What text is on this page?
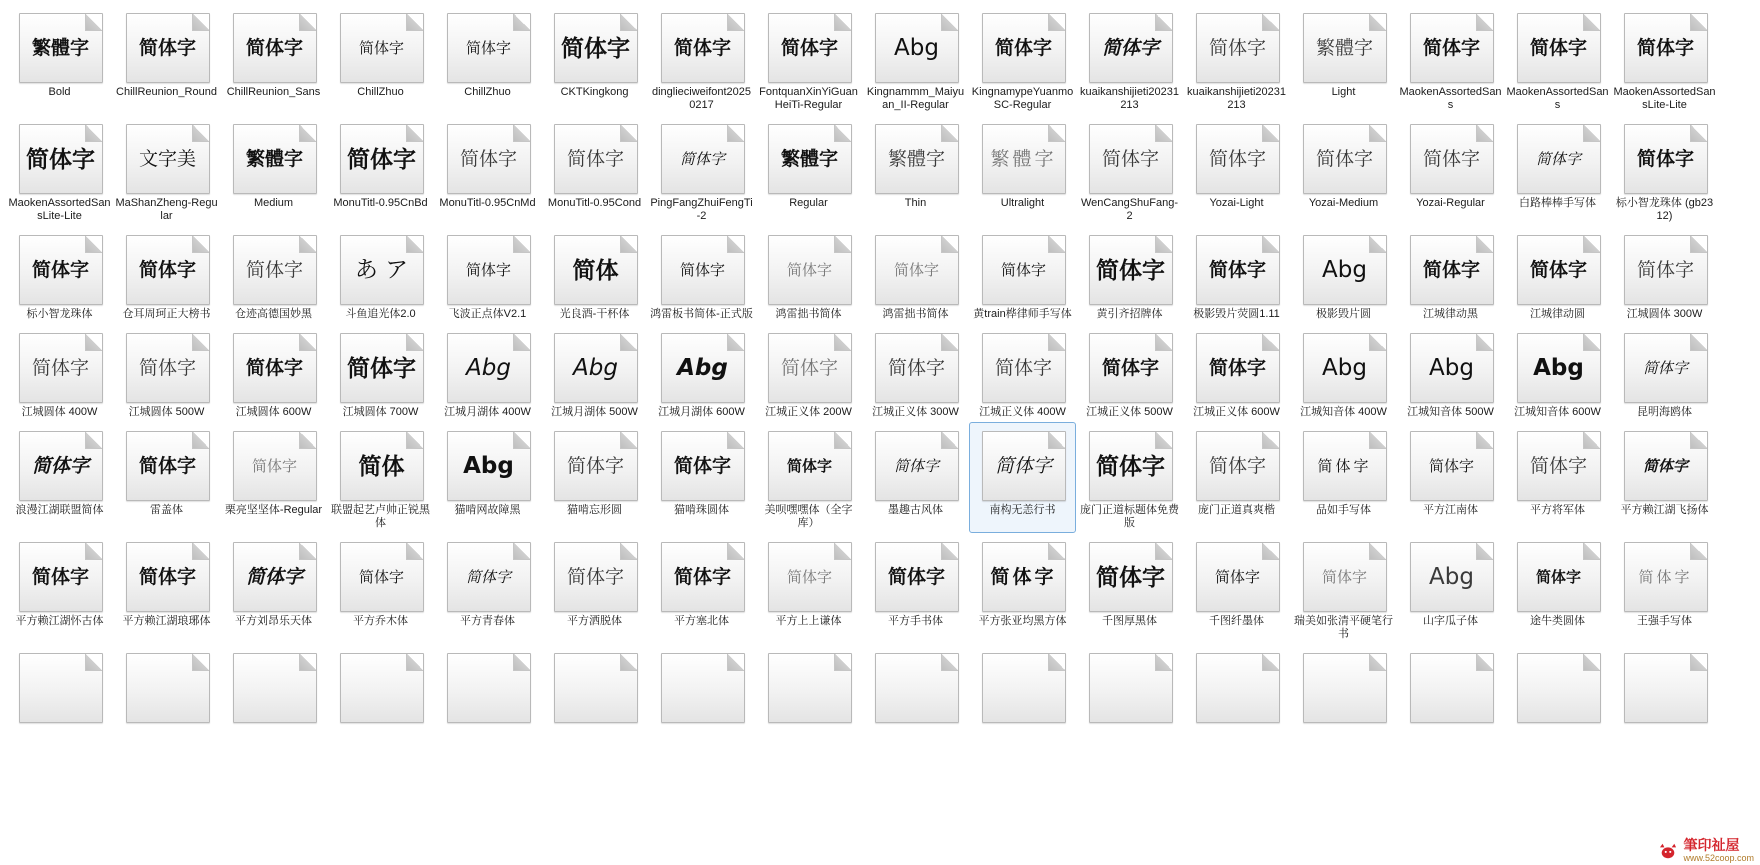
繁體字
Bold
简体字
ChillReunion_Round
简体字
ChillReunion_Sans
简体字
ChillZhuo
简体字
ChillZhuo
简体字
CKTKingkong
简体字
dinglieciweifont20250217
简体字
FontquanXinYiGuanHeiTi-Regular
Abg
Kingnammm_Maiyuan_II-Regular
简体字
KingnamypeYuanmoSC-Regular
简体字
kuaikanshijieti20231213
简体字
kuaikanshijieti20231213
繁體字
Light
简体字
MaokenAssortedSans
简体字
MaokenAssortedSans
简体字
MaokenAssortedSansLite-Lite
简体字
MaokenAssortedSansLite-Lite
文字美
MaShanZheng-Regular
繁體字
Medium
简体字
MonuTitl-0.95CnBd
简体字
MonuTitl-0.95CnMd
简体字
MonuTitl-0.95Cond
简体字
PingFangZhuiFengTi-2
繁體字
Regular
繁體字
Thin
繁體字
Ultralight
简体字
WenCangShuFang-2
简体字
Yozai-Light
简体字
Yozai-Medium
简体字
Yozai-Regular
简体字
白路棒棒手写体
简体字
标小智龙珠体 (gb2312)
简体字
标小智龙珠体
简体字
仓耳周珂正大榜书
简体字
仓迹高德国妙黑
あ ア
斗鱼追光体2.0
简体字
飞波正点体V2.1
简体
光良酒-干杯体
简体字
鸿雷板书简体-正式版
简体字
鸿雷拙书简体
简体字
鸿雷拙书简体
简体字
黄train桦律师手写体
简体字
黄引齐招牌体
简体字
极影毁片荧圆1.11
Abg
极影毁片圆
简体字
江城律动黑
简体字
江城律动圆
简体字
江城圆体 300W
简体字
江城圆体 400W
简体字
江城圆体 500W
简体字
江城圆体 600W
简体字
江城圆体 700W
Abg
江城月湖体 400W
Abg
江城月湖体 500W
Abg
江城月湖体 600W
简体字
江城正义体 200W
简体字
江城正义体 300W
简体字
江城正义体 400W
简体字
江城正义体 500W
简体字
江城正义体 600W
Abg
江城知音体 400W
Abg
江城知音体 500W
Abg
江城知音体 600W
简体字
昆明海鸥体
简体字
浪漫江湖联盟简体
简体字
雷盖体
简体字
栗亮坚坚体-Regular
简体
联盟起艺卢帅正锐黑体
Abg
猫啃网故障黑
简体字
猫啃忘形圆
简体字
猫啃珠圆体
简体字
美呗嘿嘿体（全字库）
简体字
墨趣古风体
简体字
南构无恙行书
简体字
庞门正道标题体免费版
简体字
庞门正道真爽楷
简体字
品如手写体
简体字
平方江南体
简体字
平方将军体
简体字
平方赖江湖飞扬体
简体字
平方赖江湖怀古体
简体字
平方赖江湖琅琊体
简体字
平方刘昂乐天体
简体字
平方乔木体
简体字
平方青春体
简体字
平方洒脱体
简体字
平方塞北体
简体字
平方上上谦体
简体字
平方手书体
简体字
平方张亚均黑方体
简体字
千图厚黑体
简体字
千图纤墨体
简体字
瑞美如张清平硬笔行书
Abg
山字瓜子体
简体字
途牛类圆体
简体字
王强手写体
筆印祉屋
www.52coop.com
